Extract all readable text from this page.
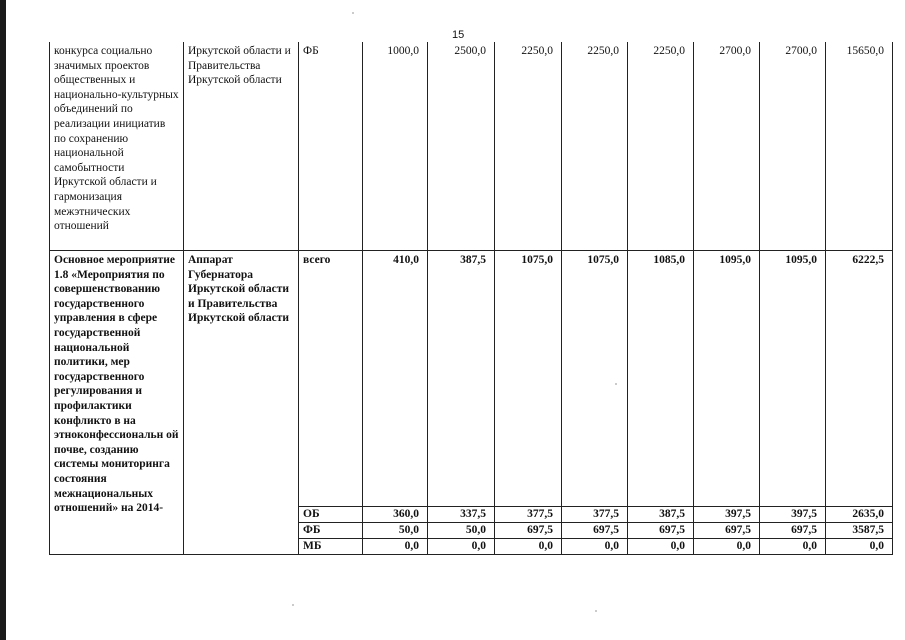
15
конкурса социально значимых проектов общественных и национально-культурных объединений по реализации инициатив по сохранению национальной самобытности Иркутской области и гармонизация межэтнических отношений	Иркутской области и Правительства Иркутской области	ФБ	1000,0	2500,0	2250,0	2250,0	2250,0	2700,0	2700,0	15650,0
Основное мероприятие 1.8 «Мероприятия по совершенствованию государственного управления в сфере государственной национальной политики, мер государственного регулирования и профилактики конфликто в на этноконфессиональн ой почве, созданию системы мониторинга состояния межнациональных отношений» на 2014-	Аппарат Губернатора Иркутской области и Правительства Иркутской области	всего	410,0	387,5	1075,0	1075,0	1085,0	1095,0	1095,0	6222,5
		ОБ	360,0	337,5	377,5	377,5	387,5	397,5	397,5	2635,0
		ФБ	50,0	50,0	697,5	697,5	697,5	697,5	697,5	3587,5
		МБ	0,0	0,0	0,0	0,0	0,0	0,0	0,0	0,0
